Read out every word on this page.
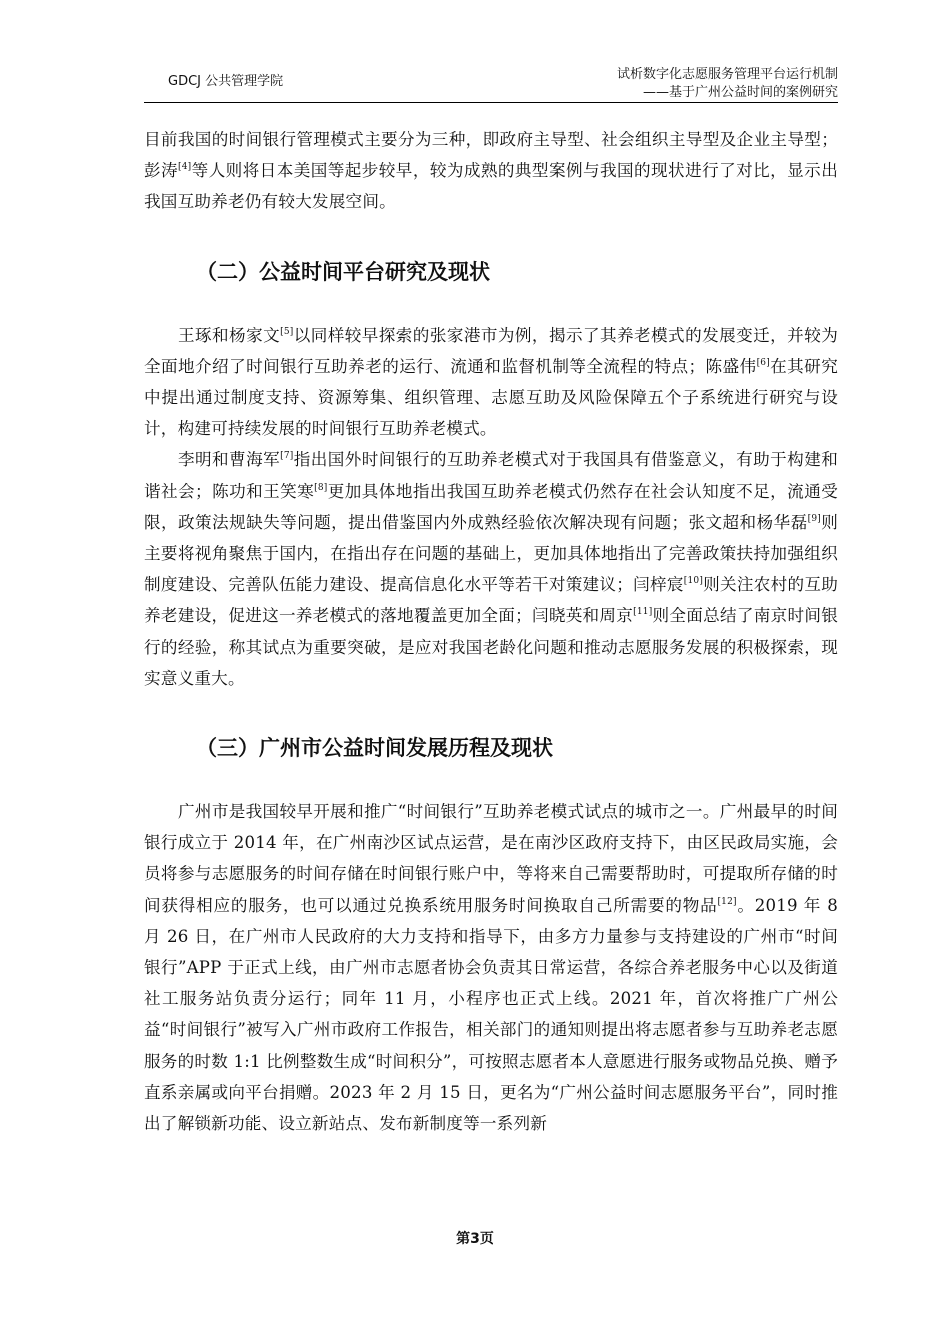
GDCJ 公共管理学院	试析数字化志愿服务管理平台运行机制
——基于广州公益时间的案例研究

目前我国的时间银行管理模式主要分为三种，即政府主导型、社会组织主导型及企业主导型；彭涛[4]等人则将日本美国等起步较早，较为成熟的典型案例与我国的现状进行了对比，显示出我国互助养老仍有较大发展空间。

（二）公益时间平台研究及现状

王琢和杨家文[5]以同样较早探索的张家港市为例，揭示了其养老模式的发展变迁，并较为全面地介绍了时间银行互助养老的运行、流通和监督机制等全流程的特点；陈盛伟[6]在其研究中提出通过制度支持、资源筹集、组织管理、志愿互助及风险保障五个子系统进行研究与设计，构建可持续发展的时间银行互助养老模式。

李明和曹海军[7]指出国外时间银行的互助养老模式对于我国具有借鉴意义，有助于构建和谐社会；陈功和王笑寒[8]更加具体地指出我国互助养老模式仍然存在社会认知度不足，流通受限，政策法规缺失等问题，提出借鉴国内外成熟经验依次解决现有问题；张文超和杨华磊[9]则主要将视角聚焦于国内，在指出存在问题的基础上，更加具体地指出了完善政策扶持加强组织制度建设、完善队伍能力建设、提高信息化水平等若干对策建议；闫梓宸[10]则关注农村的互助养老建设，促进这一养老模式的落地覆盖更加全面；闫晓英和周京[11]则全面总结了南京时间银行的经验，称其试点为重要突破，是应对我国老龄化问题和推动志愿服务发展的积极探索，现实意义重大。

（三）广州市公益时间发展历程及现状

广州市是我国较早开展和推广“时间银行”互助养老模式试点的城市之一。广州最早的时间银行成立于 2014 年，在广州南沙区试点运营，是在南沙区政府支持下，由区民政局实施，会员将参与志愿服务的时间存储在时间银行账户中，等将来自己需要帮助时，可提取所存储的时间获得相应的服务，也可以通过兑换系统用服务时间换取自己所需要的物品[12]。2019 年 8 月 26 日，在广州市人民政府的大力支持和指导下，由多方力量参与支持建设的广州市“时间银行”APP 于正式上线，由广州市志愿者协会负责其日常运营，各综合养老服务中心以及街道社工服务站负责分运行；同年 11 月，小程序也正式上线。2021 年，首次将推广广州公益“时间银行”被写入广州市政府工作报告，相关部门的通知则提出将志愿者参与互助养老志愿服务的时数 1:1 比例整数生成“时间积分”，可按照志愿者本人意愿进行服务或物品兑换、赠予直系亲属或向平台捐赠。2023 年 2 月 15 日，更名为“广州公益时间志愿服务平台”，同时推出了解锁新功能、设立新站点、发布新制度等一系列新

第3页
